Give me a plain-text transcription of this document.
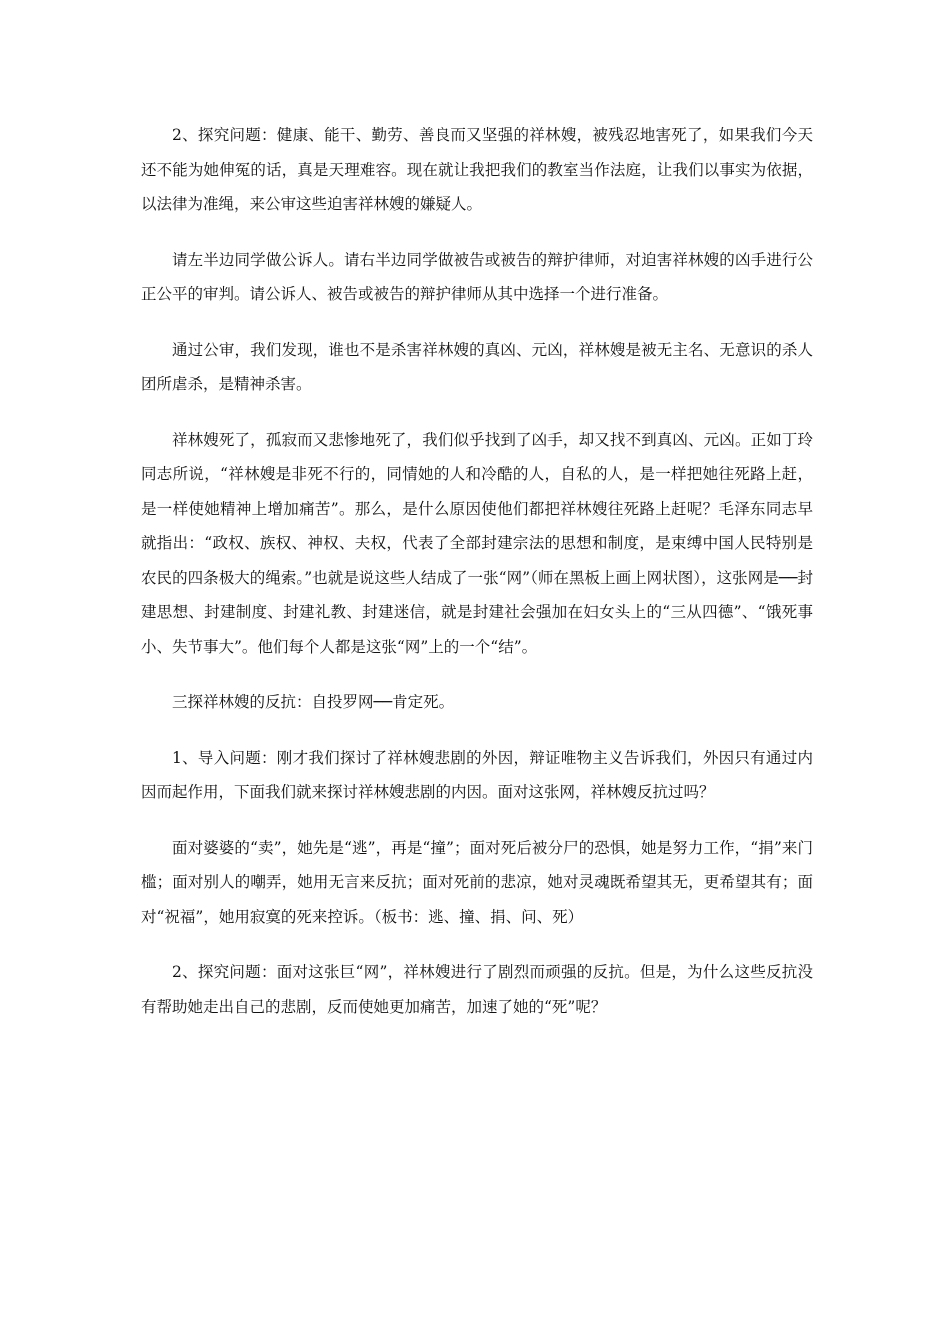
2、探究问题：健康、能干、勤劳、善良而又坚强的祥林嫂，被残忍地害死了，如果我们今天还不能为她伸冤的话，真是天理难容。现在就让我把我们的教室当作法庭，让我们以事实为依据，以法律为准绳，来公审这些迫害祥林嫂的嫌疑人。

请左半边同学做公诉人。请右半边同学做被告或被告的辩护律师，对迫害祥林嫂的凶手进行公正公平的审判。请公诉人、被告或被告的辩护律师从其中选择一个进行准备。

通过公审，我们发现，谁也不是杀害祥林嫂的真凶、元凶，祥林嫂是被无主名、无意识的杀人团所虐杀，是精神杀害。

祥林嫂死了，孤寂而又悲惨地死了，我们似乎找到了凶手，却又找不到真凶、元凶。正如丁玲同志所说，“祥林嫂是非死不行的，同情她的人和冷酷的人，自私的人，是一样把她往死路上赶，是一样使她精神上增加痛苦”。那么，是什么原因使他们都把祥林嫂往死路上赶呢？毛泽东同志早就指出：“政权、族权、神权、夫权，代表了全部封建宗法的思想和制度，是束缚中国人民特别是农民的四条极大的绳索。”也就是说这些人结成了一张“网”（师在黑板上画上网状图），这张网是──封建思想、封建制度、封建礼教、封建迷信，就是封建社会强加在妇女头上的“三从四德”、“饿死事小、失节事大”。他们每个人都是这张“网”上的一个“结”。

三探祥林嫂的反抗：自投罗网──肯定死。

1、导入问题：刚才我们探讨了祥林嫂悲剧的外因，辩证唯物主义告诉我们，外因只有通过内因而起作用，下面我们就来探讨祥林嫂悲剧的内因。面对这张网，祥林嫂反抗过吗？

面对婆婆的“卖”，她先是“逃”，再是“撞”；面对死后被分尸的恐惧，她是努力工作，“捐”来门槛；面对别人的嘲弄，她用无言来反抗；面对死前的悲凉，她对灵魂既希望其无，更希望其有；面对“祝福”，她用寂寞的死来控诉。（板书：逃、撞、捐、问、死）

2、探究问题：面对这张巨“网”，祥林嫂进行了剧烈而顽强的反抗。但是，为什么这些反抗没有帮助她走出自己的悲剧，反而使她更加痛苦，加速了她的“死”呢？
